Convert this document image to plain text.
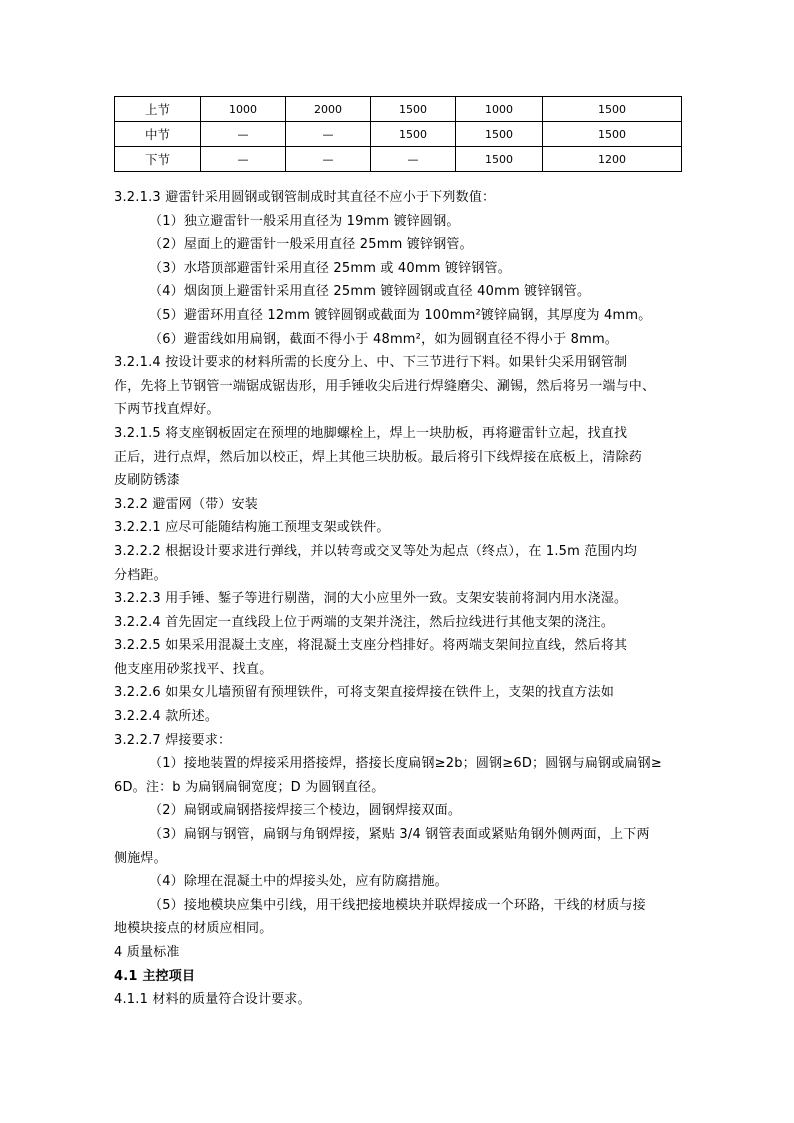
上节	1000	2000	1500	1000	1500
中节	—	—	1500	1500	1500
下节	—	—	—	1500	1200
3.2.1.3 避雷针采用圆钢或钢管制成时其直径不应小于下列数值：
（1）独立避雷针一般采用直径为 19mm 镀锌圆钢。
（2）屋面上的避雷针一般采用直径 25mm 镀锌钢管。
（3）水塔顶部避雷针采用直径 25mm 或 40mm 镀锌钢管。
（4）烟囱顶上避雷针采用直径 25mm 镀锌圆钢或直径 40mm 镀锌钢管。
（5）避雷环用直径 12mm 镀锌圆钢或截面为 100mm²镀锌扁钢，其厚度为 4mm。
（6）避雷线如用扁钢，截面不得小于 48mm²，如为圆钢直径不得小于 8mm。
3.2.1.4 按设计要求的材料所需的长度分上、中、下三节进行下料。如果针尖采用钢管制
作，先将上节钢管一端锯成锯齿形，用手锤收尖后进行焊缝磨尖、涮锡，然后将另一端与中、
下两节找直焊好。
3.2.1.5 将支座钢板固定在预埋的地脚螺栓上，焊上一块肋板，再将避雷针立起，找直找
正后，进行点焊，然后加以校正，焊上其他三块肋板。最后将引下线焊接在底板上，清除药
皮刷防锈漆
3.2.2 避雷网（带）安装
3.2.2.1 应尽可能随结构施工预埋支架或铁件。
3.2.2.2 根据设计要求进行弹线，并以转弯或交叉等处为起点（终点），在 1.5m 范围内均
分档距。
3.2.2.3 用手锤、錾子等进行剔凿，洞的大小应里外一致。支架安装前将洞内用水浇湿。
3.2.2.4 首先固定一直线段上位于两端的支架并浇注，然后拉线进行其他支架的浇注。
3.2.2.5 如果采用混凝土支座，将混凝土支座分档排好。将两端支架间拉直线，然后将其
他支座用砂浆找平、找直。
3.2.2.6 如果女儿墙预留有预埋铁件，可将支架直接焊接在铁件上，支架的找直方法如
3.2.2.4 款所述。
3.2.2.7 焊接要求：
（1）接地装置的焊接采用搭接焊，搭接长度扁钢≥2b；圆钢≥6D；圆钢与扁钢或扁钢≥
6D。注：b 为扁钢扁铜宽度；D 为圆钢直径。
（2）扁钢或扁钢搭接焊接三个棱边，圆钢焊接双面。
（3）扁钢与钢管，扁钢与角钢焊接，紧贴 3/4 钢管表面或紧贴角钢外侧两面，上下两
侧施焊。
（4）除埋在混凝土中的焊接头处，应有防腐措施。
（5）接地模块应集中引线，用干线把接地模块并联焊接成一个环路，干线的材质与接
地模块接点的材质应相同。
4 质量标准
4.1 主控项目
4.1.1 材料的质量符合设计要求。
